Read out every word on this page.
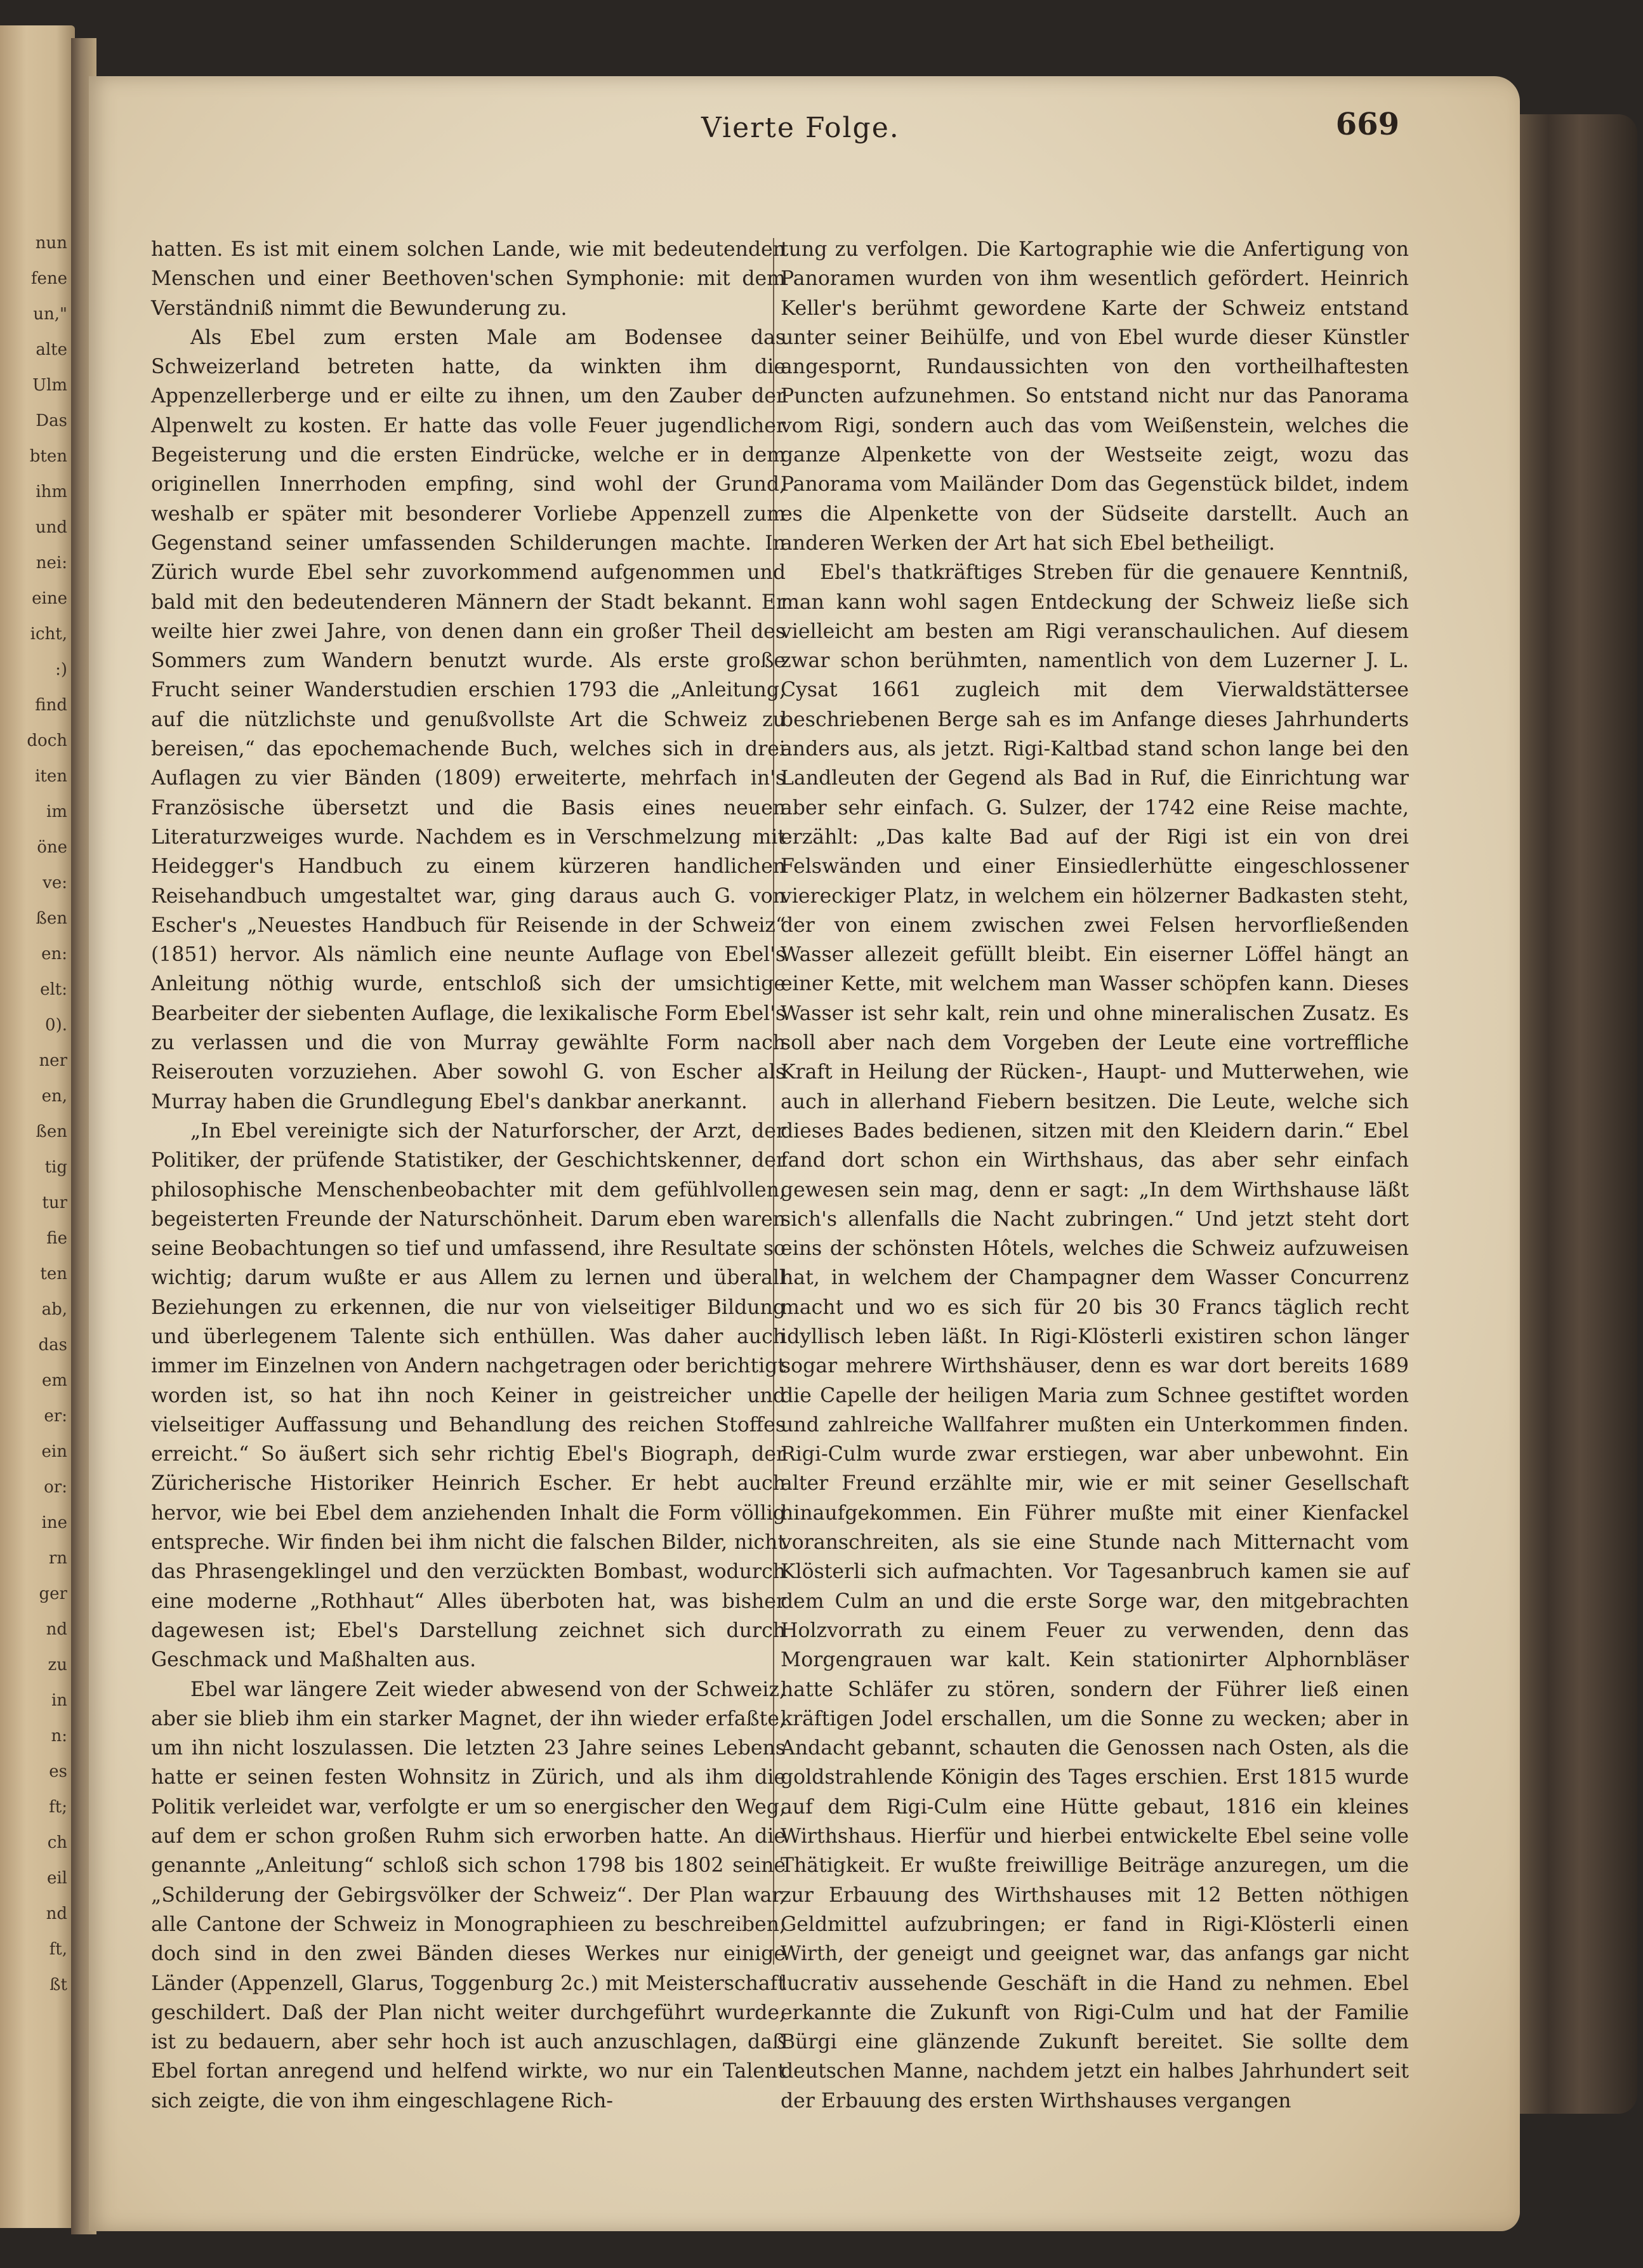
nun
fene
un,"
alte
Ulm
Das
bten
ihm
und
nei:
eine
icht,
:)
find
doch
iten
im
öne
ve:
ßen
en:
elt:
0).
ner
en,
ßen
tig
tur
fie
ten
ab,
das
em
er:
ein
or:
ine
rn
ger
nd
zu
in
n:
es
ft;
ch
eil
nd
ft,
ßt
Vierte Folge.	669

hatten. Es ist mit einem solchen Lande, wie mit bedeutenden Menschen und einer Beethoven'schen Symphonie: mit dem Verständniß nimmt die Bewunderung zu.

Als Ebel zum ersten Male am Bodensee das Schweizerland betreten hatte, da winkten ihm die Appenzellerberge und er eilte zu ihnen, um den Zauber der Alpenwelt zu kosten. Er hatte das volle Feuer jugendlicher Begeisterung und die ersten Eindrücke, welche er in dem originellen Innerrhoden empfing, sind wohl der Grund, weshalb er später mit besonderer Vorliebe Appenzell zum Gegenstand seiner umfassenden Schilderungen machte. In Zürich wurde Ebel sehr zuvorkommend aufgenommen und bald mit den bedeutenderen Männern der Stadt bekannt. Er weilte hier zwei Jahre, von denen dann ein großer Theil des Sommers zum Wandern benutzt wurde. Als erste große Frucht seiner Wanderstudien erschien 1793 die „Anleitung, auf die nützlichste und genußvollste Art die Schweiz zu bereisen,“ das epochemachende Buch, welches sich in drei Auflagen zu vier Bänden (1809) erweiterte, mehrfach in's Französische übersetzt und die Basis eines neuen Literaturzweiges wurde. Nachdem es in Verschmelzung mit Heidegger's Handbuch zu einem kürzeren handlichen Reisehandbuch umgestaltet war, ging daraus auch G. von Escher's „Neuestes Handbuch für Reisende in der Schweiz“ (1851) hervor. Als nämlich eine neunte Auflage von Ebel's Anleitung nöthig wurde, entschloß sich der umsichtige Bearbeiter der siebenten Auflage, die lexikalische Form Ebel's zu verlassen und die von Murray gewählte Form nach Reiserouten vorzuziehen. Aber sowohl G. von Escher als Murray haben die Grundlegung Ebel's dankbar anerkannt.

„In Ebel vereinigte sich der Naturforscher, der Arzt, der Politiker, der prüfende Statistiker, der Geschichtskenner, der philosophische Menschenbeobachter mit dem gefühlvollen, begeisterten Freunde der Naturschönheit. Darum eben waren seine Beobachtungen so tief und umfassend, ihre Resultate so wichtig; darum wußte er aus Allem zu lernen und überall Beziehungen zu erkennen, die nur von vielseitiger Bildung und überlegenem Talente sich enthüllen. Was daher auch immer im Einzelnen von Andern nachgetragen oder berichtigt worden ist, so hat ihn noch Keiner in geistreicher und vielseitiger Auffassung und Behandlung des reichen Stoffes erreicht.“ So äußert sich sehr richtig Ebel's Biograph, der Züricherische Historiker Heinrich Escher. Er hebt auch hervor, wie bei Ebel dem anziehenden Inhalt die Form völlig entspreche. Wir finden bei ihm nicht die falschen Bilder, nicht das Phrasengeklingel und den verzückten Bombast, wodurch eine moderne „Rothhaut“ Alles überboten hat, was bisher dagewesen ist; Ebel's Darstellung zeichnet sich durch Geschmack und Maßhalten aus.

Ebel war längere Zeit wieder abwesend von der Schweiz, aber sie blieb ihm ein starker Magnet, der ihn wieder erfaßte, um ihn nicht loszulassen. Die letzten 23 Jahre seines Lebens hatte er seinen festen Wohnsitz in Zürich, und als ihm die Politik verleidet war, verfolgte er um so energischer den Weg, auf dem er schon großen Ruhm sich erworben hatte. An die genannte „Anleitung“ schloß sich schon 1798 bis 1802 seine „Schilderung der Gebirgsvölker der Schweiz“. Der Plan war, alle Cantone der Schweiz in Monographieen zu beschreiben, doch sind in den zwei Bänden dieses Werkes nur einige Länder (Appenzell, Glarus, Toggenburg 2c.) mit Meisterschaft geschildert. Daß der Plan nicht weiter durchgeführt wurde, ist zu bedauern, aber sehr hoch ist auch anzuschlagen, daß Ebel fortan anregend und helfend wirkte, wo nur ein Talent sich zeigte, die von ihm eingeschlagene Rich-

tung zu verfolgen. Die Kartographie wie die Anfertigung von Panoramen wurden von ihm wesentlich gefördert. Heinrich Keller's berühmt gewordene Karte der Schweiz entstand unter seiner Beihülfe, und von Ebel wurde dieser Künstler angespornt, Rundaussichten von den vortheilhaftesten Puncten aufzunehmen. So entstand nicht nur das Panorama vom Rigi, sondern auch das vom Weißenstein, welches die ganze Alpenkette von der Westseite zeigt, wozu das Panorama vom Mailänder Dom das Gegenstück bildet, indem es die Alpenkette von der Südseite darstellt. Auch an anderen Werken der Art hat sich Ebel betheiligt.

Ebel's thatkräftiges Streben für die genauere Kenntniß, man kann wohl sagen Entdeckung der Schweiz ließe sich vielleicht am besten am Rigi veranschaulichen. Auf diesem zwar schon berühmten, namentlich von dem Luzerner J. L. Cysat 1661 zugleich mit dem Vierwaldstättersee beschriebenen Berge sah es im Anfange dieses Jahrhunderts anders aus, als jetzt. Rigi-Kaltbad stand schon lange bei den Landleuten der Gegend als Bad in Ruf, die Einrichtung war aber sehr einfach. G. Sulzer, der 1742 eine Reise machte, erzählt: „Das kalte Bad auf der Rigi ist ein von drei Felswänden und einer Einsiedlerhütte eingeschlossener viereckiger Platz, in welchem ein hölzerner Badkasten steht, der von einem zwischen zwei Felsen hervorfließenden Wasser allezeit gefüllt bleibt. Ein eiserner Löffel hängt an einer Kette, mit welchem man Wasser schöpfen kann. Dieses Wasser ist sehr kalt, rein und ohne mineralischen Zusatz. Es soll aber nach dem Vorgeben der Leute eine vortreffliche Kraft in Heilung der Rücken-, Haupt- und Mutterwehen, wie auch in allerhand Fiebern besitzen. Die Leute, welche sich dieses Bades bedienen, sitzen mit den Kleidern darin.“ Ebel fand dort schon ein Wirthshaus, das aber sehr einfach gewesen sein mag, denn er sagt: „In dem Wirthshause läßt sich's allenfalls die Nacht zubringen.“ Und jetzt steht dort eins der schönsten Hôtels, welches die Schweiz aufzuweisen hat, in welchem der Champagner dem Wasser Concurrenz macht und wo es sich für 20 bis 30 Francs täglich recht idyllisch leben läßt. In Rigi-Klösterli existiren schon länger sogar mehrere Wirthshäuser, denn es war dort bereits 1689 die Capelle der heiligen Maria zum Schnee gestiftet worden und zahlreiche Wallfahrer mußten ein Unterkommen finden. Rigi-Culm wurde zwar erstiegen, war aber unbewohnt. Ein alter Freund erzählte mir, wie er mit seiner Gesellschaft hinaufgekommen. Ein Führer mußte mit einer Kienfackel voranschreiten, als sie eine Stunde nach Mitternacht vom Klösterli sich aufmachten. Vor Tagesanbruch kamen sie auf dem Culm an und die erste Sorge war, den mitgebrachten Holzvorrath zu einem Feuer zu verwenden, denn das Morgengrauen war kalt. Kein stationirter Alphornbläser hatte Schläfer zu stören, sondern der Führer ließ einen kräftigen Jodel erschallen, um die Sonne zu wecken; aber in Andacht gebannt, schauten die Genossen nach Osten, als die goldstrahlende Königin des Tages erschien. Erst 1815 wurde auf dem Rigi-Culm eine Hütte gebaut, 1816 ein kleines Wirthshaus. Hierfür und hierbei entwickelte Ebel seine volle Thätigkeit. Er wußte freiwillige Beiträge anzuregen, um die zur Erbauung des Wirthshauses mit 12 Betten nöthigen Geldmittel aufzubringen; er fand in Rigi-Klösterli einen Wirth, der geneigt und geeignet war, das anfangs gar nicht lucrativ aussehende Geschäft in die Hand zu nehmen. Ebel erkannte die Zukunft von Rigi-Culm und hat der Familie Bürgi eine glänzende Zukunft bereitet. Sie sollte dem deutschen Manne, nachdem jetzt ein halbes Jahrhundert seit der Erbauung des ersten Wirthshauses vergangen
